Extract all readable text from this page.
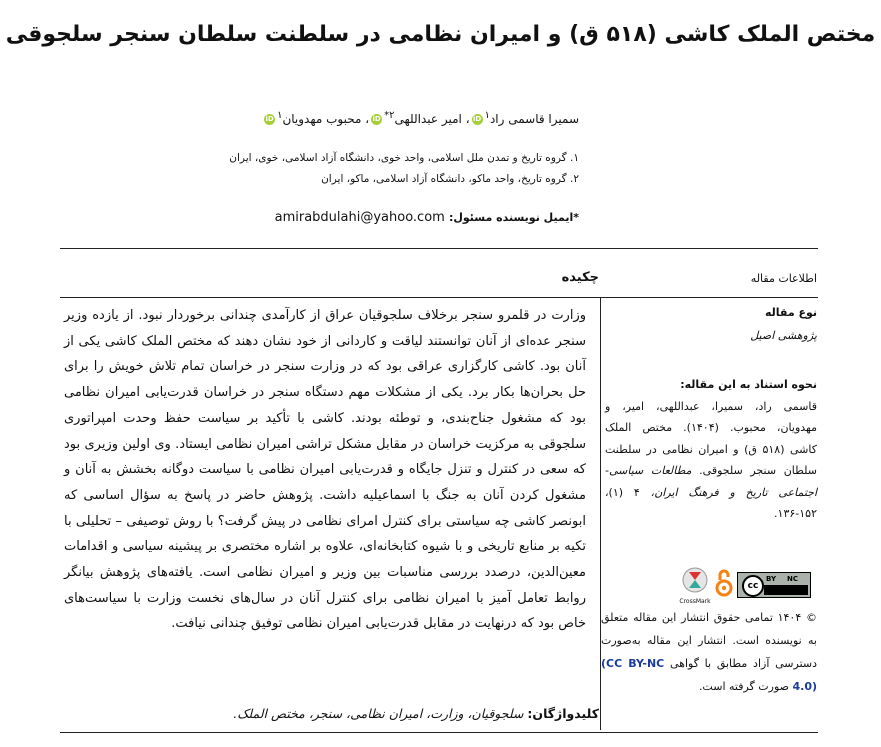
مختص الملک کاشی (۵۱۸ ق) و امیران نظامی در سلطنت سلطان سنجر سلجوقی
سمیرا قاسمی راد$^۱$iD، امیر عبداللهی$^{۲*}$iD، محبوب مهدویان$^۱$iD
۱. گروه تاریخ و تمدن ملل اسلامی، واحد خوی، دانشگاه آزاد اسلامی، خوی، ایران
۲. گروه تاریخ، واحد ماکو، دانشگاه آزاد اسلامی، ماکو، ایران
*ایمیل نویسنده مسئول: amirabdulahi@yahoo.com
اطلاعات مقاله
چکیده
نوع مقاله
پژوهشی اصیل
نحوه استناد به این مقاله:
قاسمی راد، سمیرا، عبداللهی، امیر، و مهدویان، محبوب. (۱۴۰۴). مختص الملک کاشی (۵۱۸ ق) و امیران نظامی در سلطنت سلطان سنجر سلجوقی. مطالعات سیاسی-اجتماعی تاریخ و فرهنگ ایران، ۴ (۱)، ۱۵۲-۱۳۶.
وزارت در قلمرو سنجر برخلاف سلجوقیان عراق از کارآمدی چندانی برخوردار نبود. از یازده وزیر سنجر عده‌ای از آنان توانستند لیاقت و کاردانی از خود نشان دهند که مختص الملک کاشی یکی از آنان بود. کاشی کارگزاری عراقی بود که در وزارت سنجر در خراسان تمام تلاش خویش را برای حل بحران‌ها بکار برد. یکی از مشکلات مهم دستگاه سنجر در خراسان قدرت‌یابی امیران نظامی بود که مشغول جناح‌بندی، و توطئه بودند. کاشی با تأکید بر سیاست حفظ وحدت امپراتوری سلجوقی به مرکزیت خراسان در مقابل مشکل تراشی امیران نظامی ایستاد. وی اولین وزیری بود که سعی در کنترل و تنزل جایگاه و قدرت‌یابی امیران نظامی با سیاست دوگانه بخشش به آنان و مشغول کردن آنان به جنگ با اسماعیلیه داشت. پژوهش حاضر در پاسخ به سؤال اساسی که ابونصر کاشی چه سیاستی برای کنترل امرای نظامی در پیش گرفت؟ با روش توصیفی – تحلیلی با تکیه بر منابع تاریخی و با شیوه کتابخانه‌ای، علاوه بر اشاره مختصری بر پیشینه سیاسی و اقدامات معین‌الدین، درصدد بررسی مناسبات بین وزیر و امیران نظامی است. یافته‌های پژوهش بیانگر روابط تعامل آمیز با امیران نظامی برای کنترل آنان در سال‌های نخست وزارت با سیاست‌های خاص بود که درنهایت در مقابل قدرت‌یابی امیران نظامی توفیق چندانی نیافت.
کلیدواژگان: سلجوقیان، وزارت، امیران نظامی، سنجر، مختص الملک.
cc
BY NC
CrossMark
© ۱۴۰۴ تمامی حقوق انتشار این مقاله متعلق به نویسنده است. انتشار این مقاله به‌صورت دسترسی آزاد مطابق با گواهی (CC BY-NC 4.0) صورت گرفته است.
